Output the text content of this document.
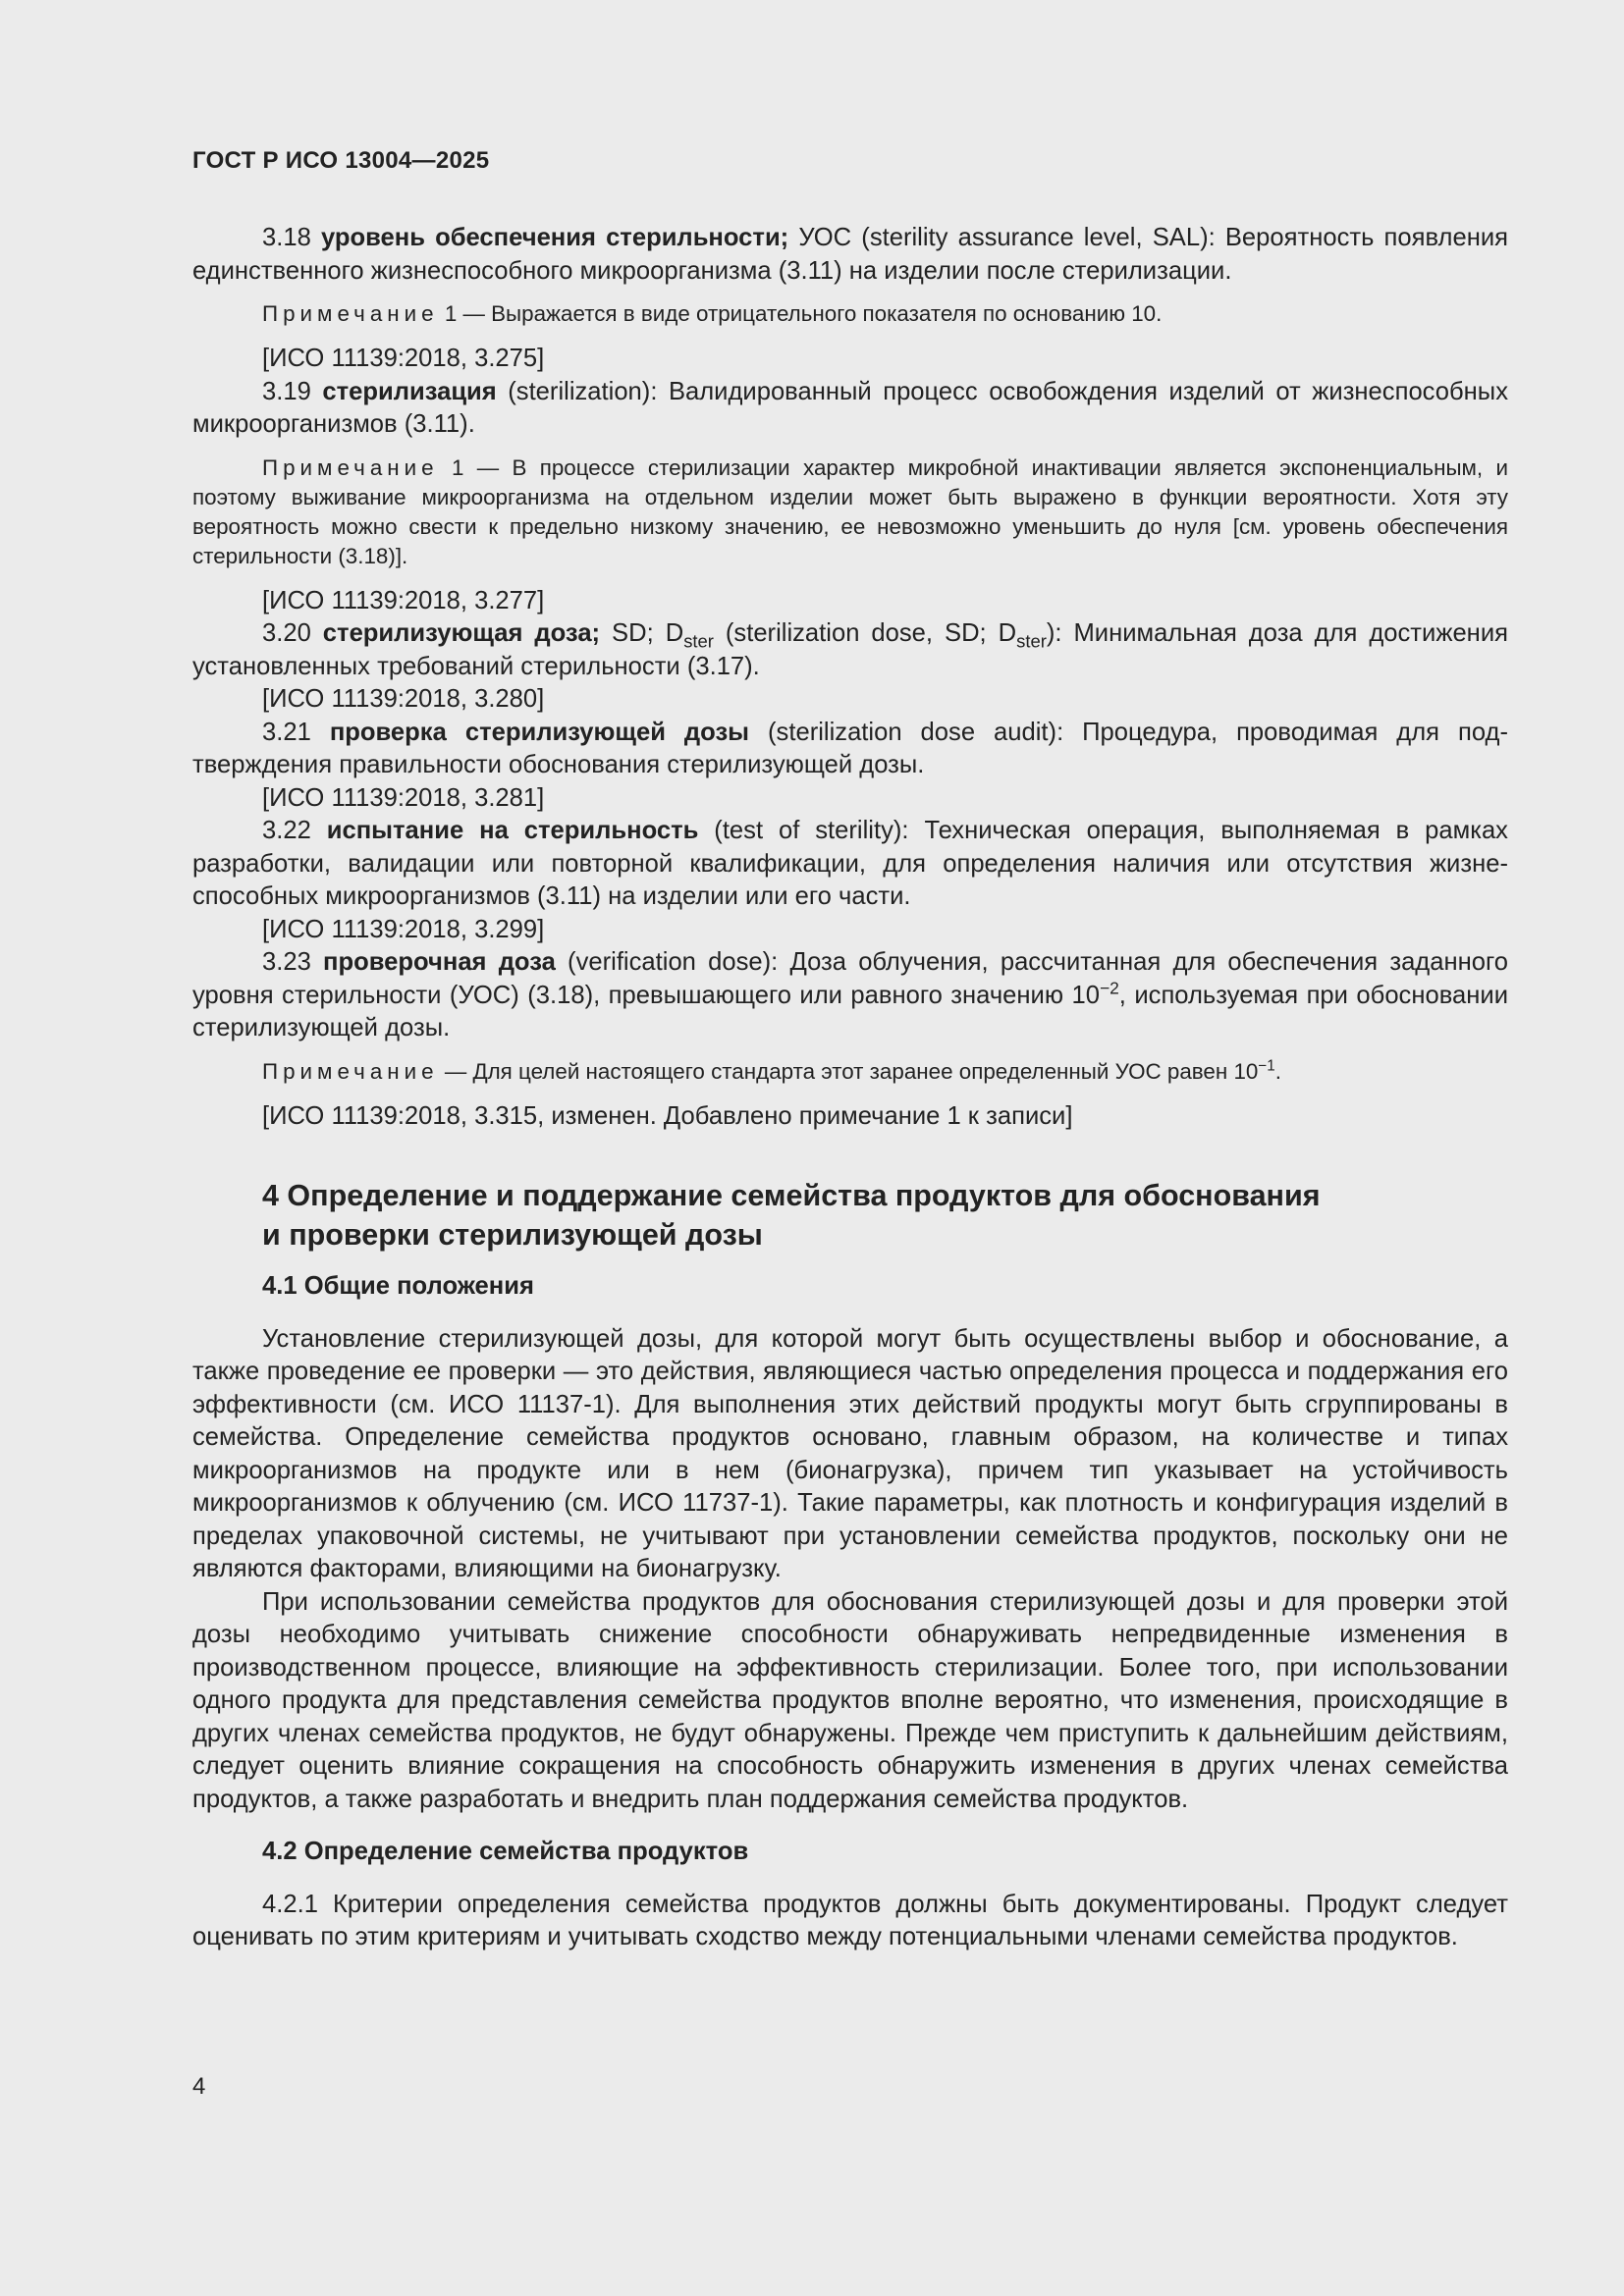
ГОСТ Р ИСО 13004—2025

3.18 уровень обеспечения стерильности; УОС (sterility assurance level, SAL): Вероятность появления единственного жизнеспособного микроорганизма (3.11) на изделии после стерилизации.

Примечание 1 — Выражается в виде отрицательного показателя по основанию 10.

[ИСО 11139:2018, 3.275]

3.19 стерилизация (sterilization): Валидированный процесс освобождения изделий от жизнеспособных микроорганизмов (3.11).

Примечание 1 — В процессе стерилизации характер микробной инактивации является экспоненциальным, и поэтому выживание микроорганизма на отдельном изделии может быть выражено в функции вероятности. Хотя эту вероятность можно свести к предельно низкому значению, ее невозможно уменьшить до нуля [см. уровень обеспечения стерильности (3.18)].

[ИСО 11139:2018, 3.277]

3.20 стерилизующая доза; SD; $D_{ster}$ (sterilization dose, SD; $D_{ster}$): Минимальная доза для достижения установленных требований стерильности (3.17).

[ИСО 11139:2018, 3.280]

3.21 проверка стерилизующей дозы (sterilization dose audit): Процедура, проводимая для подтверждения правильности обоснования стерилизующей дозы.

[ИСО 11139:2018, 3.281]

3.22 испытание на стерильность (test of sterility): Техническая операция, выполняемая в рамках разработки, валидации или повторной квалификации, для определения наличия или отсутствия жизнеспособных микроорганизмов (3.11) на изделии или его части.

[ИСО 11139:2018, 3.299]

3.23 проверочная доза (verification dose): Доза облучения, рассчитанная для обеспечения заданного уровня стерильности (УОС) (3.18), превышающего или равного значению $10^{-2}$, используемая при обосновании стерилизующей дозы.

Примечание — Для целей настоящего стандарта этот заранее определенный УОС равен $10^{-1}$.

[ИСО 11139:2018, 3.315, изменен. Добавлено примечание 1 к записи]

4 Определение и поддержание семейства продуктов для обоснования
и проверки стерилизующей дозы
4.1 Общие положения

Установление стерилизующей дозы, для которой могут быть осуществлены выбор и обоснование, а также проведение ее проверки — это действия, являющиеся частью определения процесса и поддержания его эффективности (см. ИСО 11137-1). Для выполнения этих действий продукты могут быть сгруппированы в семейства. Определение семейства продуктов основано, главным образом, на количестве и типах микроорганизмов на продукте или в нем (бионагрузка), причем тип указывает на устойчивость микроорганизмов к облучению (см. ИСО 11737-1). Такие параметры, как плотность и конфигурация изделий в пределах упаковочной системы, не учитывают при установлении семейства продуктов, поскольку они не являются факторами, влияющими на бионагрузку.

При использовании семейства продуктов для обоснования стерилизующей дозы и для проверки этой дозы необходимо учитывать снижение способности обнаруживать непредвиденные изменения в производственном процессе, влияющие на эффективность стерилизации. Более того, при использовании одного продукта для представления семейства продуктов вполне вероятно, что изменения, происходящие в других членах семейства продуктов, не будут обнаружены. Прежде чем приступить к дальнейшим действиям, следует оценить влияние сокращения на способность обнаружить изменения в других членах семейства продуктов, а также разработать и внедрить план поддержания семейства продуктов.

4.2 Определение семейства продуктов

4.2.1 Критерии определения семейства продуктов должны быть документированы. Продукт следует оценивать по этим критериям и учитывать сходство между потенциальными членами семейства продуктов.

4
